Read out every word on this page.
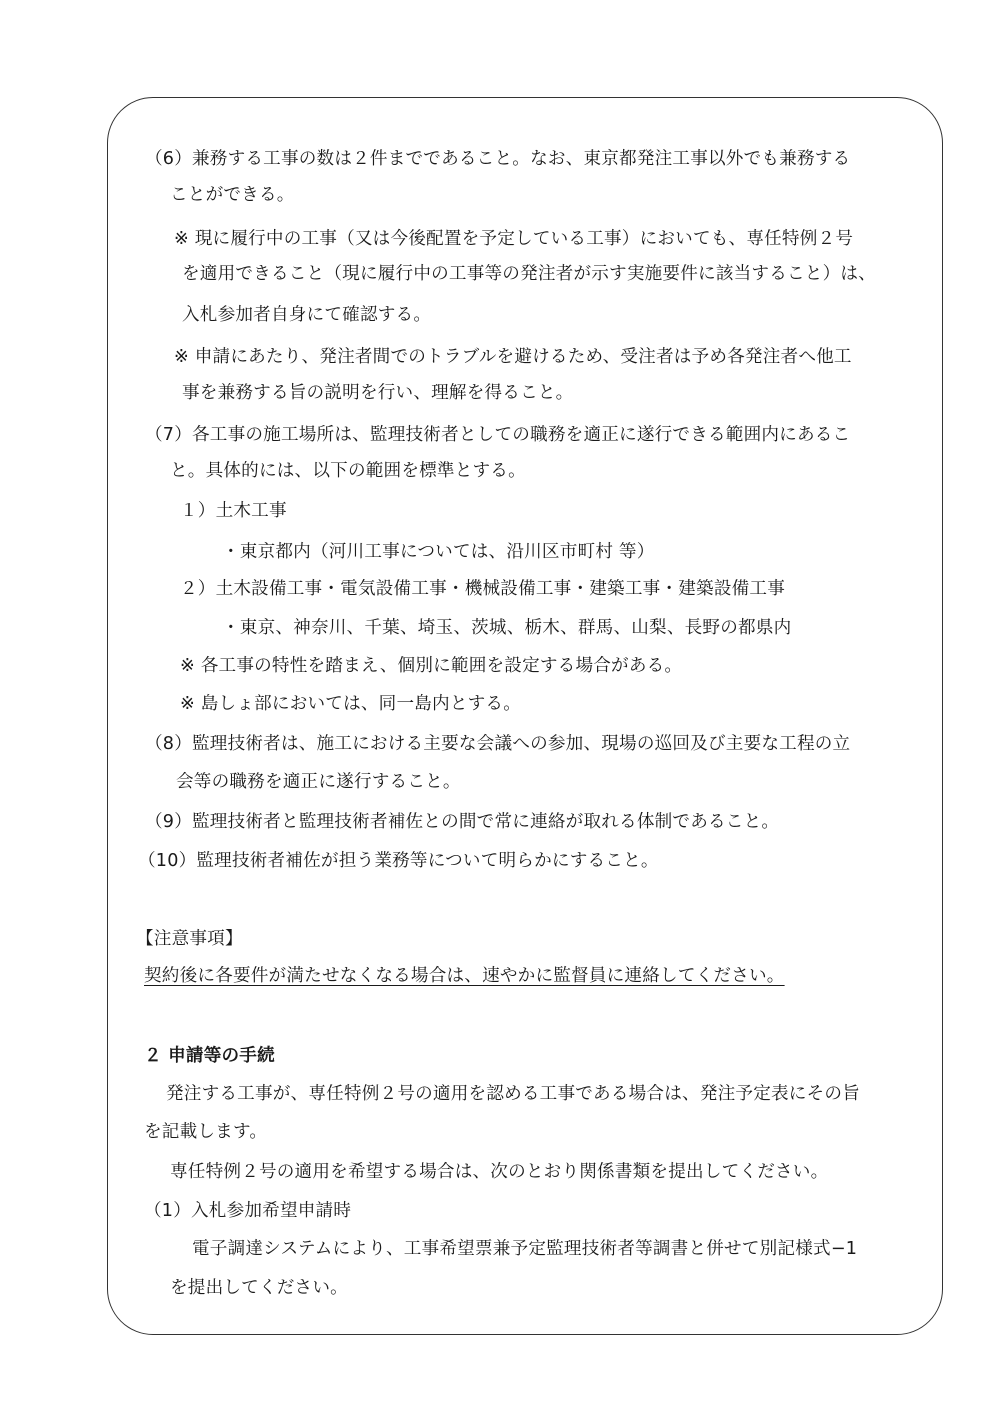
（6）兼務する工事の数は２件までであること。なお、東京都発注工事以外でも兼務する
ことができる。
※ 現に履行中の工事（又は今後配置を予定している工事）においても、専任特例２号
を適用できること（現に履行中の工事等の発注者が示す実施要件に該当すること）は、
入札参加者自身にて確認する。
※ 申請にあたり、発注者間でのトラブルを避けるため、受注者は予め各発注者へ他工
事を兼務する旨の説明を行い、理解を得ること。
（7）各工事の施工場所は、監理技術者としての職務を適正に遂行できる範囲内にあるこ
と。具体的には、以下の範囲を標準とする。
１）土木工事
・東京都内（河川工事については、沿川区市町村 等）
２）土木設備工事・電気設備工事・機械設備工事・建築工事・建築設備工事
・東京、神奈川、千葉、埼玉、茨城、栃木、群馬、山梨、長野の都県内
※ 各工事の特性を踏まえ、個別に範囲を設定する場合がある。
※ 島しょ部においては、同一島内とする。
（8）監理技術者は、施工における主要な会議への参加、現場の巡回及び主要な工程の立
会等の職務を適正に遂行すること。
（9）監理技術者と監理技術者補佐との間で常に連絡が取れる体制であること。
（10）監理技術者補佐が担う業務等について明らかにすること。
【注意事項】
契約後に各要件が満たせなくなる場合は、速やかに監督員に連絡してください。
２ 申請等の手続
発注する工事が、専任特例２号の適用を認める工事である場合は、発注予定表にその旨
を記載します。
専任特例２号の適用を希望する場合は、次のとおり関係書類を提出してください。
（1）入札参加希望申請時
電子調達システムにより、工事希望票兼予定監理技術者等調書と併せて別記様式−1
を提出してください。
